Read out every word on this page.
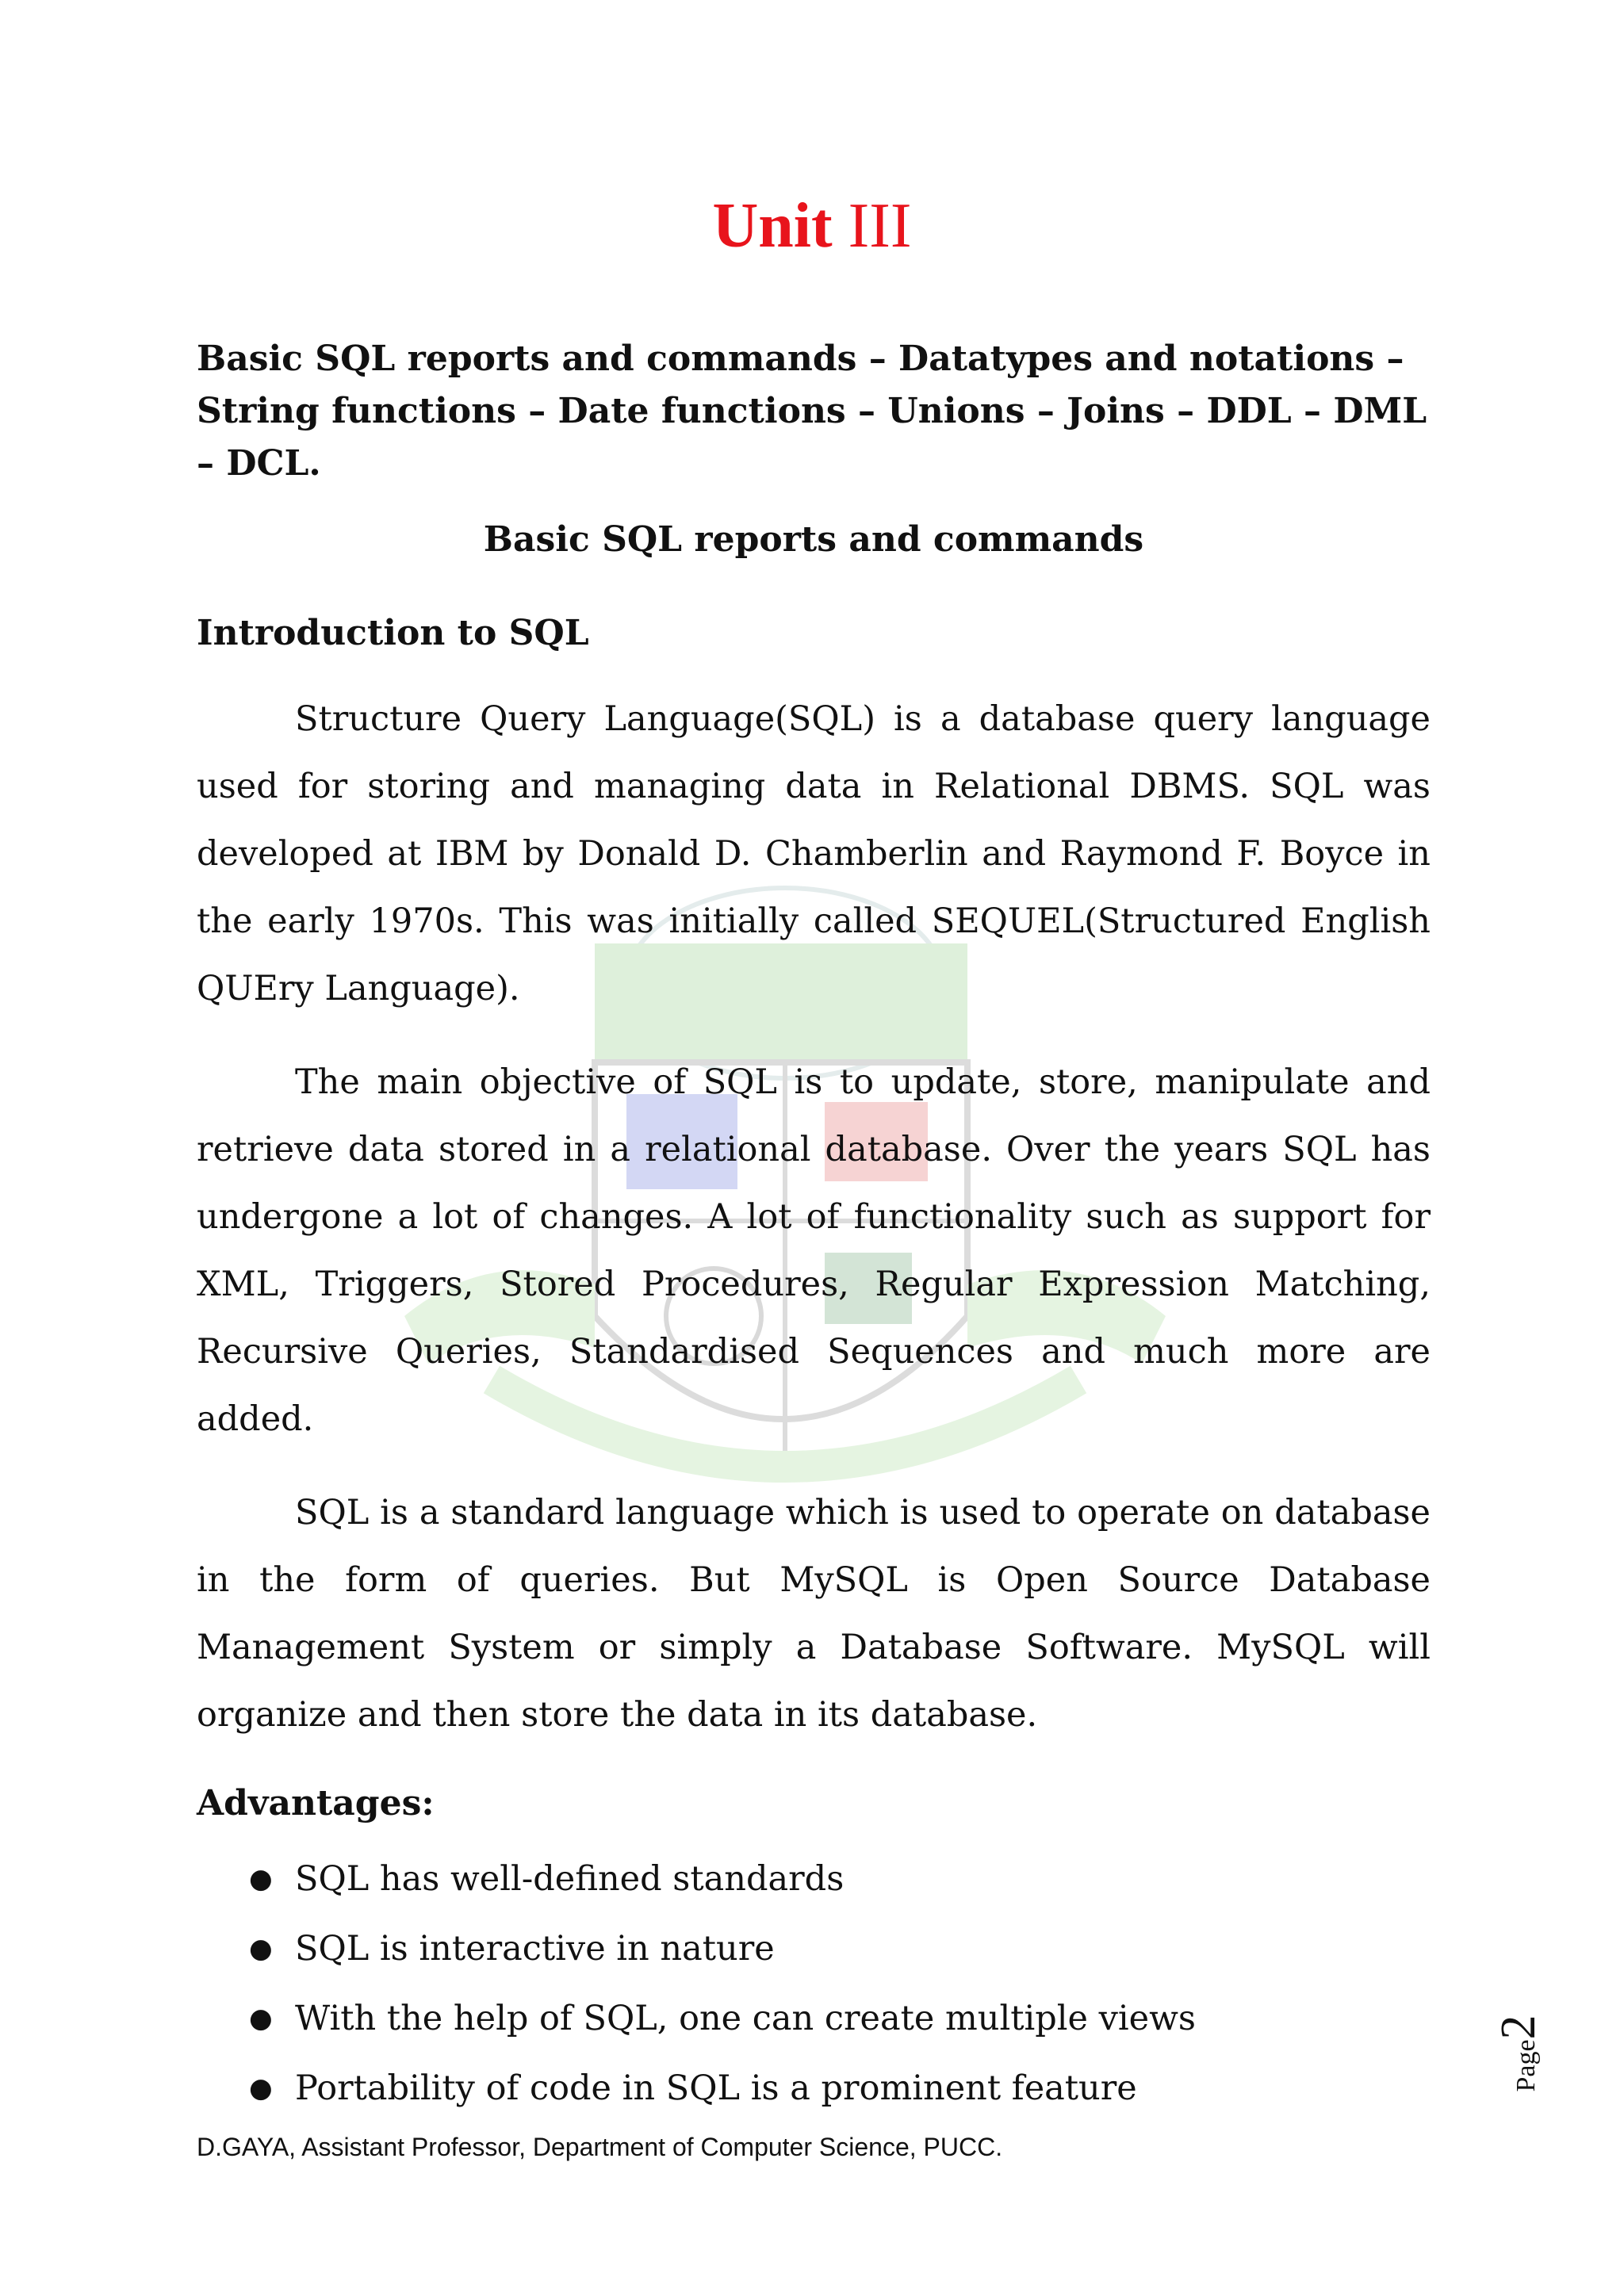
Unit III

Basic SQL reports and commands – Datatypes and notations – String functions – Date functions – Unions – Joins – DDL – DML – DCL.

Basic SQL reports and commands

Introduction to SQL

Structure Query Language(SQL) is a database query language used for storing and managing data in Relational DBMS. SQL was developed at IBM by Donald D. Chamberlin and Raymond F. Boyce in the early 1970s. This was initially called SEQUEL(Structured English QUEry Language).

The main objective of SQL is to update, store, manipulate and retrieve data stored in a relational database. Over the years SQL has undergone a lot of changes. A lot of functionality such as support for XML, Triggers, Stored Procedures, Regular Expression Matching, Recursive Queries, Standardised Sequences and much more are added.

SQL is a standard language which is used to operate on database in the form of queries. But MySQL is Open Source Database Management System or simply a Database Software. MySQL will organize and then store the data in its database.

Advantages:

● SQL has well-defined standards
● SQL is interactive in nature
● With the help of SQL, one can create multiple views
● Portability of code in SQL is a prominent feature	Page
2
D.GAYA, Assistant Professor, Department of Computer Science, PUCC.
